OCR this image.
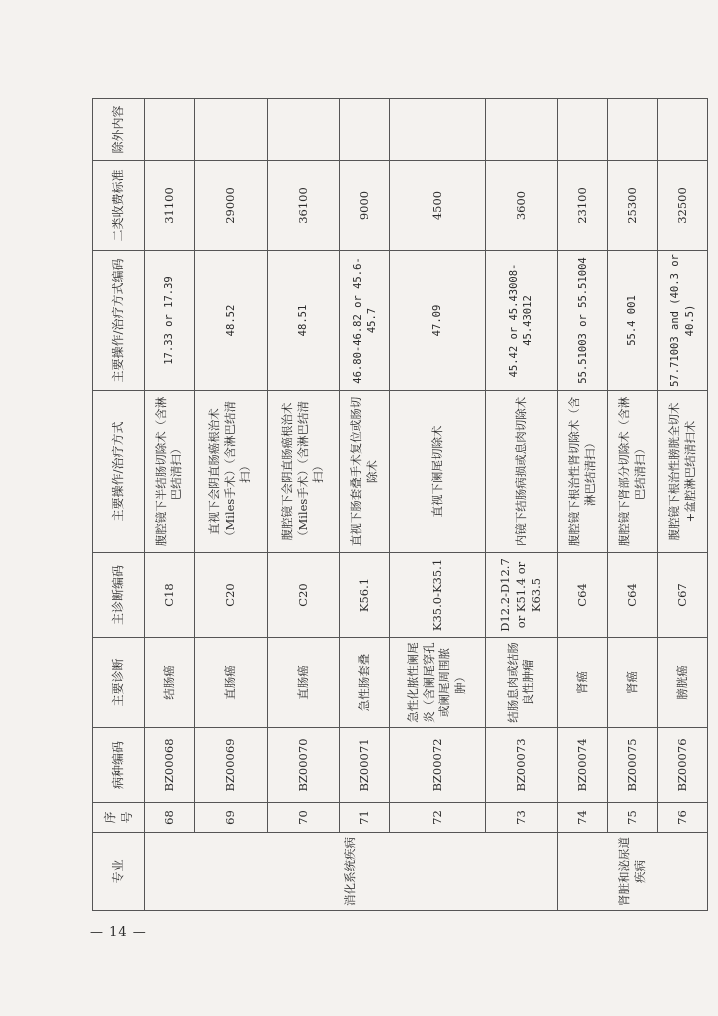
— 14 —
专业	序号	病种编码	主要诊断	主诊断编码	主要操作/治疗方式	主要操作/治疗方式编码	二类收费标准	除外内容
消化系统疾病	68	BZ00068	结肠癌	C18	腹腔镜下半结肠切除术（含淋巴结清扫）	17.33 or 17.39	31100	
	69	BZ00069	直肠癌	C20	直视下会阴直肠癌根治术（Miles手术）（含淋巴结清扫）	48.52	29000	
	70	BZ00070	直肠癌	C20	腹腔镜下会阴直肠癌根治术（Miles手术）（含淋巴结清扫）	48.51	36100	
	71	BZ00071	急性肠套叠	K56.1	直视下肠套叠手术复位或肠切除术	46.80-46.82 or 45.6-45.7	9000	
	72	BZ00072	急性化脓性阑尾炎（含阑尾穿孔或阑尾周围脓肿）	K35.0-K35.1	直视下阑尾切除术	47.09	4500	
	73	BZ00073	结肠息肉或结肠良性肿瘤	D12.2-D12.7 or K51.4 or K63.5	内镜下结肠病损或息肉切除术	45.42 or 45.43008-45.43012	3600	
肾脏和泌尿道疾病	74	BZ00074	肾癌	C64	腹腔镜下根治性肾切除术（含淋巴结清扫）	55.51003 or 55.51004	23100	
	75	BZ00075	肾癌	C64	腹腔镜下肾部分切除术（含淋巴结清扫）	55.4 001	25300	
	76	BZ00076	膀胱癌	C67	腹腔镜下根治性膀胱全切术+盆腔淋巴结清扫术	57.71003 and (40.3 or 40.5)	32500	
